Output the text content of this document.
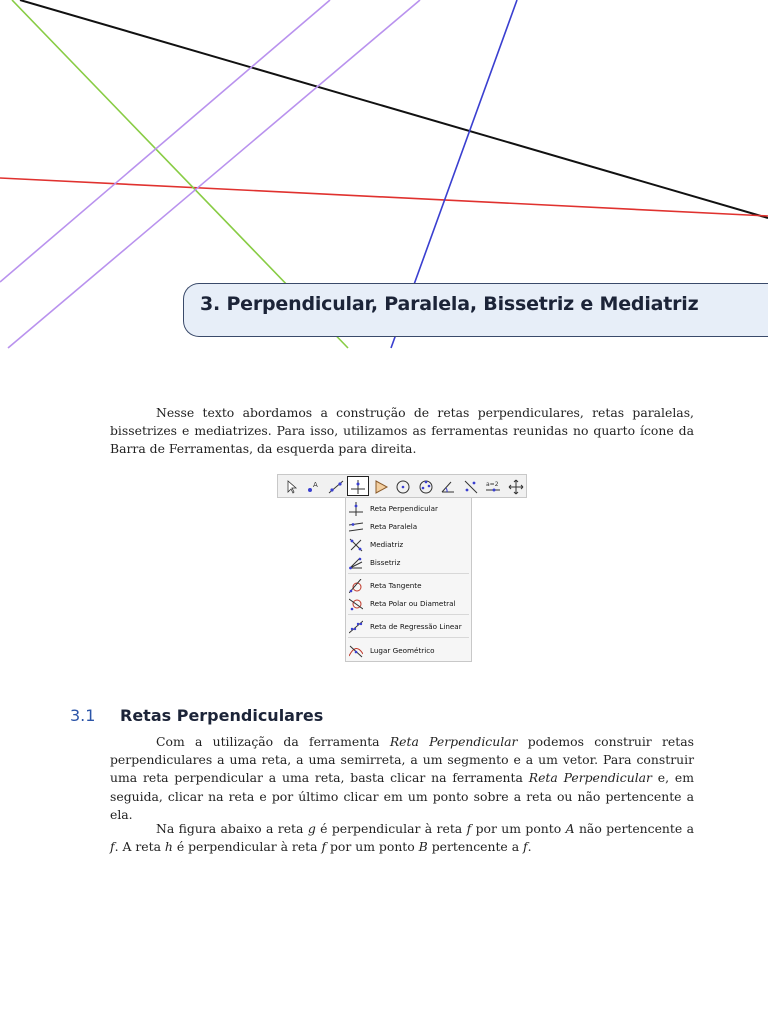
3. Perpendicular, Paralela, Bissetriz e Mediatriz

Nesse texto abordamos a construção de retas perpendiculares, retas paralelas, bissetrizes e mediatrizes. Para isso, utilizamos as ferramentas reunidas no quarto ícone da Barra de Ferramentas, da esquerda para direita.

A	a=2
Reta Perpendicular
Reta Paralela
Mediatriz
Bissetriz
Reta Tangente
Reta Polar ou Diametral
Reta de Regressão Linear
Lugar Geométrico
3.1 Retas Perpendiculares

Com a utilização da ferramenta Reta Perpendicular podemos construir retas perpendiculares a uma reta, a uma semirreta, a um segmento e a um vetor. Para construir uma reta perpendicular a uma reta, basta clicar na ferramenta Reta Perpendicular e, em seguida, clicar na reta e por último clicar em um ponto sobre a reta ou não pertencente a ela.

Na figura abaixo a reta g é perpendicular à reta f por um ponto A não pertencente a f. A reta h é perpendicular à reta f por um ponto B pertencente a f.
